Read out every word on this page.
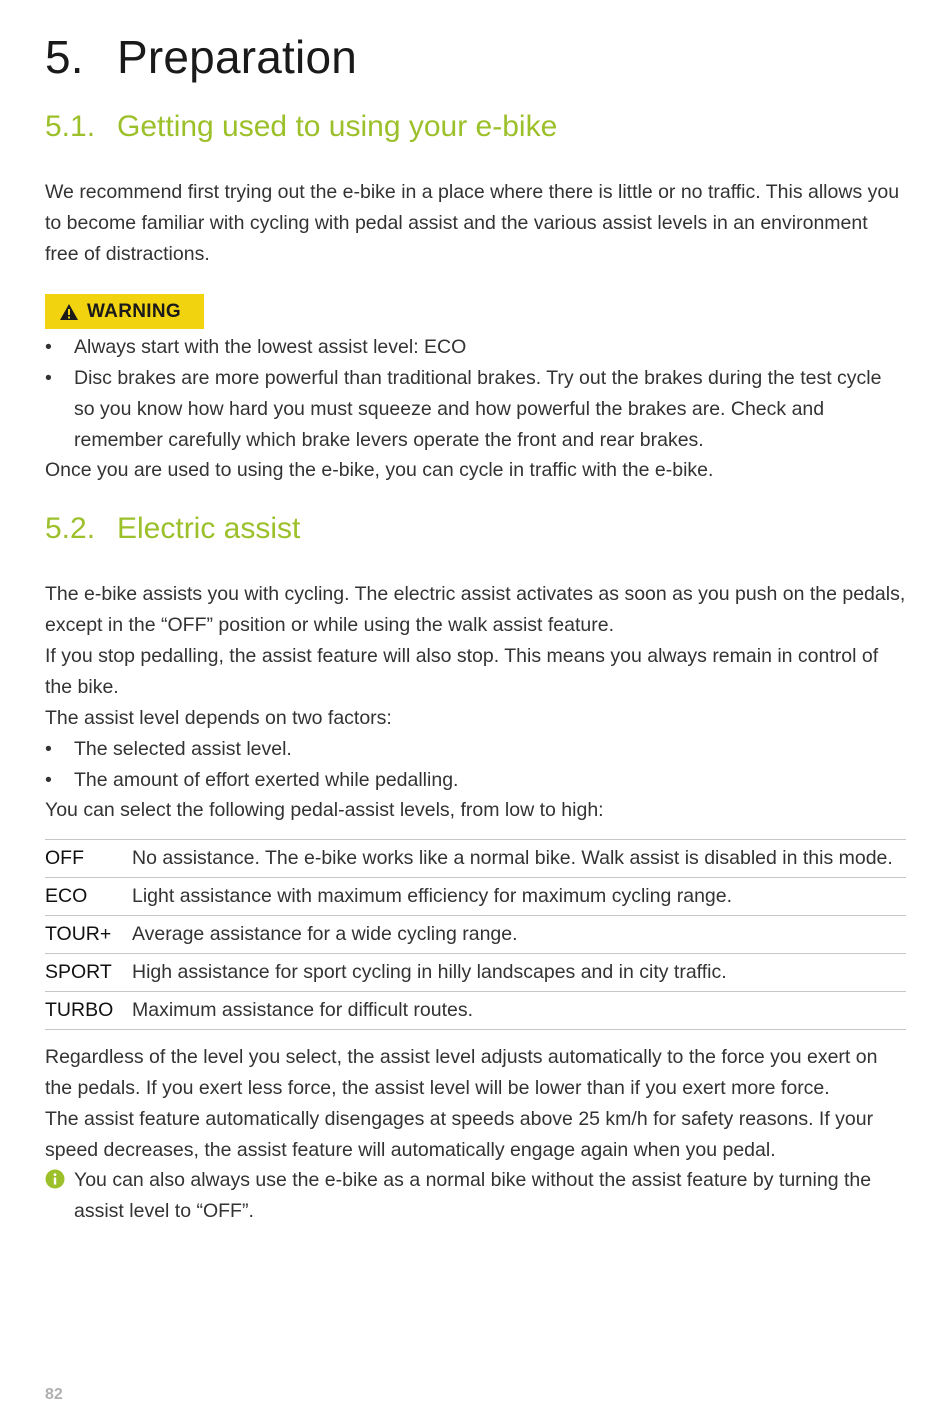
5. Preparation
5.1. Getting used to using your e-bike

We recommend first trying out the e-bike in a place where there is little or no traffic. This allows you to become familiar with cycling with pedal assist and the various assist levels in an environment free of distractions.

WARNING
• Always start with the lowest assist level: ECO
• Disc brakes are more powerful than traditional brakes. Try out the brakes during the test cycle so you know how hard you must squeeze and how powerful the brakes are. Check and remember carefully which brake levers operate the front and rear brakes.

Once you are used to using the e-bike, you can cycle in traffic with the e-bike.

5.2. Electric assist

The e-bike assists you with cycling. The electric assist activates as soon as you push on the pedals, except in the “OFF” position or while using the walk assist feature.

If you stop pedalling, the assist feature will also stop. This means you always remain in control of the bike.

The assist level depends on two factors:

• The selected assist level.
• The amount of effort exerted while pedalling.

You can select the following pedal-assist levels, from low to high:

OFF	No assistance. The e-bike works like a normal bike. Walk assist is disabled in this mode.
ECO	Light assistance with maximum efficiency for maximum cycling range.
TOUR+	Average assistance for a wide cycling range.
SPORT	High assistance for sport cycling in hilly landscapes and in city traffic.
TURBO	Maximum assistance for difficult routes.

Regardless of the level you select, the assist level adjusts automatically to the force you exert on the pedals. If you exert less force, the assist level will be lower than if you exert more force.

The assist feature automatically disengages at speeds above 25 km/h for safety reasons. If your speed decreases, the assist feature will automatically engage again when you pedal.

You can also always use the e-bike as a normal bike without the assist feature by turning the assist level to “OFF”.
82
